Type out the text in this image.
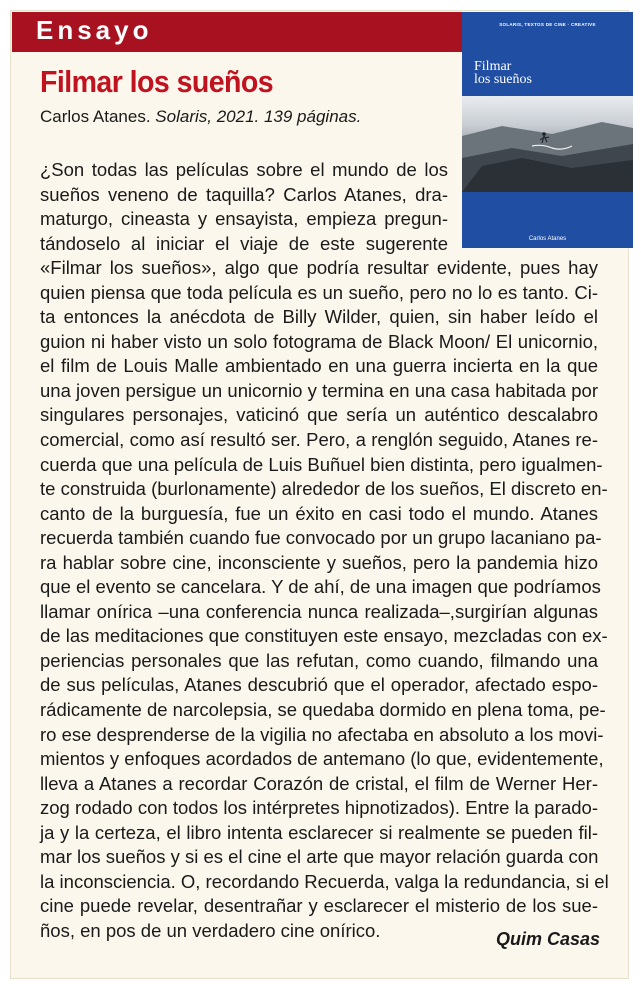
Ensayo	SOLARIS, TEXTOS DE CINE · CREATIVE
Filmar
los sueños
Carlos Atanes
Filmar los sueños
Carlos Atanes. Solaris, 2021. 139 páginas.
¿Son todas las películas sobre el mundo de los
sueños veneno de taquilla? Carlos Atanes, dra-
maturgo, cineasta y ensayista, empieza pregun-
tándoselo al iniciar el viaje de este sugerente
«Filmar los sueños», algo que podría resultar evidente, pues hay
quien piensa que toda película es un sueño, pero no lo es tanto. Ci-
ta entonces la anécdota de Billy Wilder, quien, sin haber leído el
guion ni haber visto un solo fotograma de Black Moon/ El unicornio,
el film de Louis Malle ambientado en una guerra incierta en la que
una joven persigue un unicornio y termina en una casa habitada por
singulares personajes, vaticinó que sería un auténtico descalabro
comercial, como así resultó ser. Pero, a renglón seguido, Atanes re-
cuerda que una película de Luis Buñuel bien distinta, pero igualmen-
te construida (burlonamente) alrededor de los sueños, El discreto en-
canto de la burguesía, fue un éxito en casi todo el mundo. Atanes
recuerda también cuando fue convocado por un grupo lacaniano pa-
ra hablar sobre cine, inconsciente y sueños, pero la pandemia hizo
que el evento se cancelara. Y de ahí, de una imagen que podríamos
llamar onírica –una conferencia nunca realizada–,surgirían algunas
de las meditaciones que constituyen este ensayo, mezcladas con ex-
periencias personales que las refutan, como cuando, filmando una
de sus películas, Atanes descubrió que el operador, afectado espo-
rádicamente de narcolepsia, se quedaba dormido en plena toma, pe-
ro ese desprenderse de la vigilia no afectaba en absoluto a los movi-
mientos y enfoques acordados de antemano (lo que, evidentemente,
lleva a Atanes a recordar Corazón de cristal, el film de Werner Her-
zog rodado con todos los intérpretes hipnotizados). Entre la parado-
ja y la certeza, el libro intenta esclarecer si realmente se pueden fil-
mar los sueños y si es el cine el arte que mayor relación guarda con
la inconsciencia. O, recordando Recuerda, valga la redundancia, si el
cine puede revelar, desentrañar y esclarecer el misterio de los sue-
ños, en pos de un verdadero cine onírico.	Quim Casas
